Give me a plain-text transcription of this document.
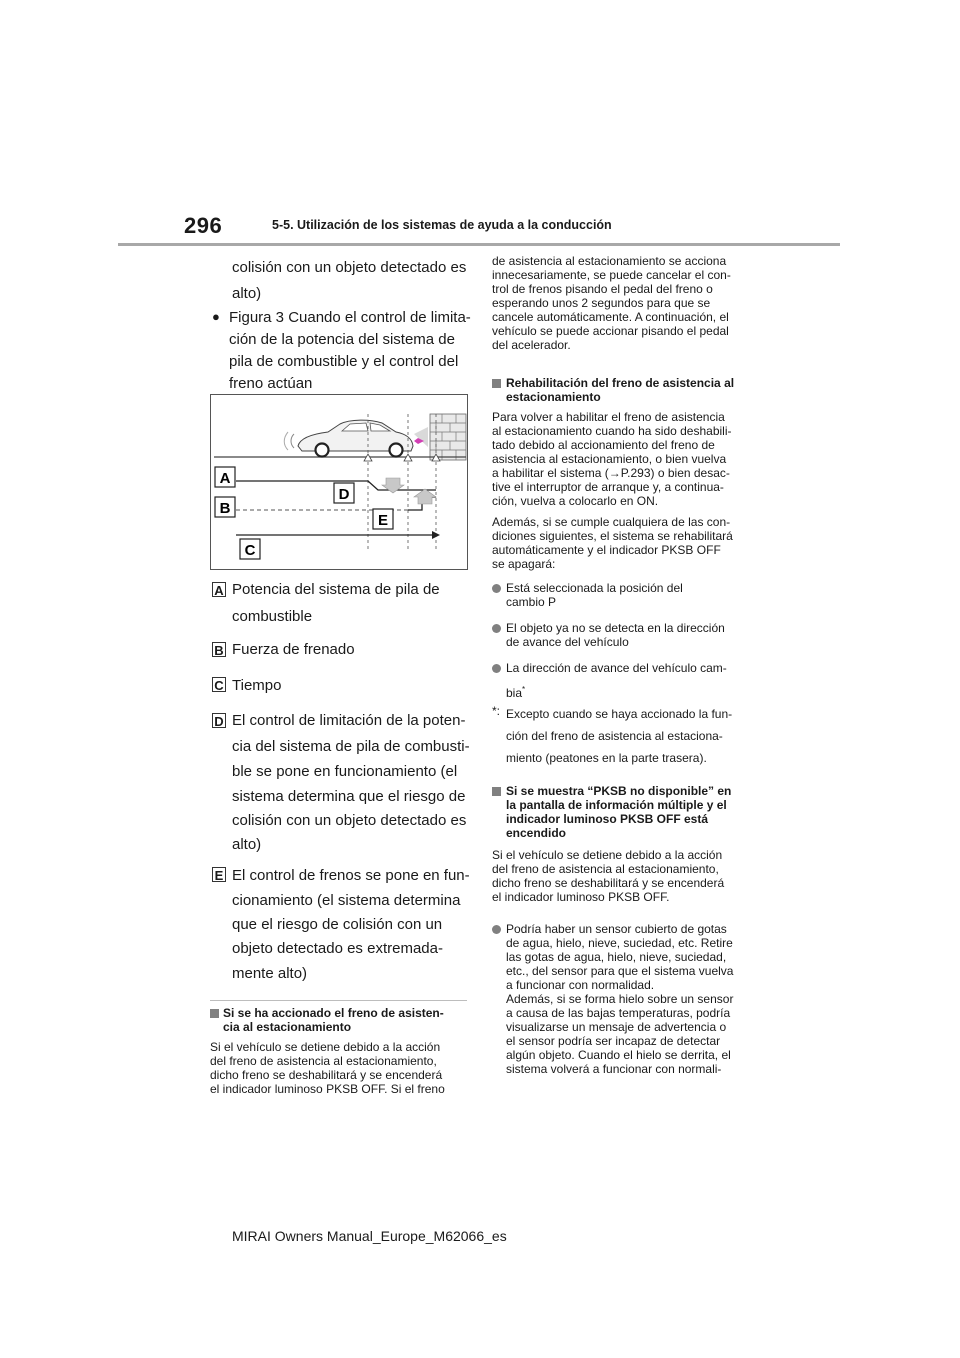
296	5-5. Utilización de los sistemas de ayuda a la conducción
colisión con un objeto detectado es
alto)
● Figura 3 Cuando el control de limita-
ción de la potencia del sistema de
pila de combustible y el control del
freno actúan
A
B
C
D
E
A Potencia del sistema de pila de
combustible
B Fuerza de frenado
C Tiempo
D El control de limitación de la poten-
cia del sistema de pila de combusti-
ble se pone en funcionamiento (el
sistema determina que el riesgo de
colisión con un objeto detectado es
alto)
E El control de frenos se pone en fun-
cionamiento (el sistema determina
que el riesgo de colisión con un
objeto detectado es extremada-
mente alto)
Si se ha accionado el freno de asisten-
cia al estacionamiento
Si el vehículo se detiene debido a la acción
del freno de asistencia al estacionamiento,
dicho freno se deshabilitará y se encenderá
el indicador luminoso PKSB OFF. Si el freno
de asistencia al estacionamiento se acciona
innecesariamente, se puede cancelar el con-
trol de frenos pisando el pedal del freno o
esperando unos 2 segundos para que se
cancele automáticamente. A continuación, el
vehículo se puede accionar pisando el pedal
del acelerador.
Rehabilitación del freno de asistencia al
estacionamiento
Para volver a habilitar el freno de asistencia
al estacionamiento cuando ha sido deshabili-
tado debido al accionamiento del freno de
asistencia al estacionamiento, o bien vuelva
a habilitar el sistema (→P.293) o bien desac-
tive el interruptor de arranque y, a continua-
ción, vuelva a colocarlo en ON.
Además, si se cumple cualquiera de las con-
diciones siguientes, el sistema se rehabilitará
automáticamente y el indicador PKSB OFF
se apagará:
Está seleccionada la posición del
cambio P
El objeto ya no se detecta en la dirección
de avance del vehículo
La dirección de avance del vehículo cam-
bia*
*: Excepto cuando se haya accionado la fun-
ción del freno de asistencia al estaciona-
miento (peatones en la parte trasera).
Si se muestra “PKSB no disponible” en
la pantalla de información múltiple y el
indicador luminoso PKSB OFF está
encendido
Si el vehículo se detiene debido a la acción
del freno de asistencia al estacionamiento,
dicho freno se deshabilitará y se encenderá
el indicador luminoso PKSB OFF.
Podría haber un sensor cubierto de gotas
de agua, hielo, nieve, suciedad, etc. Retire
las gotas de agua, hielo, nieve, suciedad,
etc., del sensor para que el sistema vuelva
a funcionar con normalidad.
Además, si se forma hielo sobre un sensor
a causa de las bajas temperaturas, podría
visualizarse un mensaje de advertencia o
el sensor podría ser incapaz de detectar
algún objeto. Cuando el hielo se derrita, el
sistema volverá a funcionar con normali-
MIRAI Owners Manual_Europe_M62066_es
